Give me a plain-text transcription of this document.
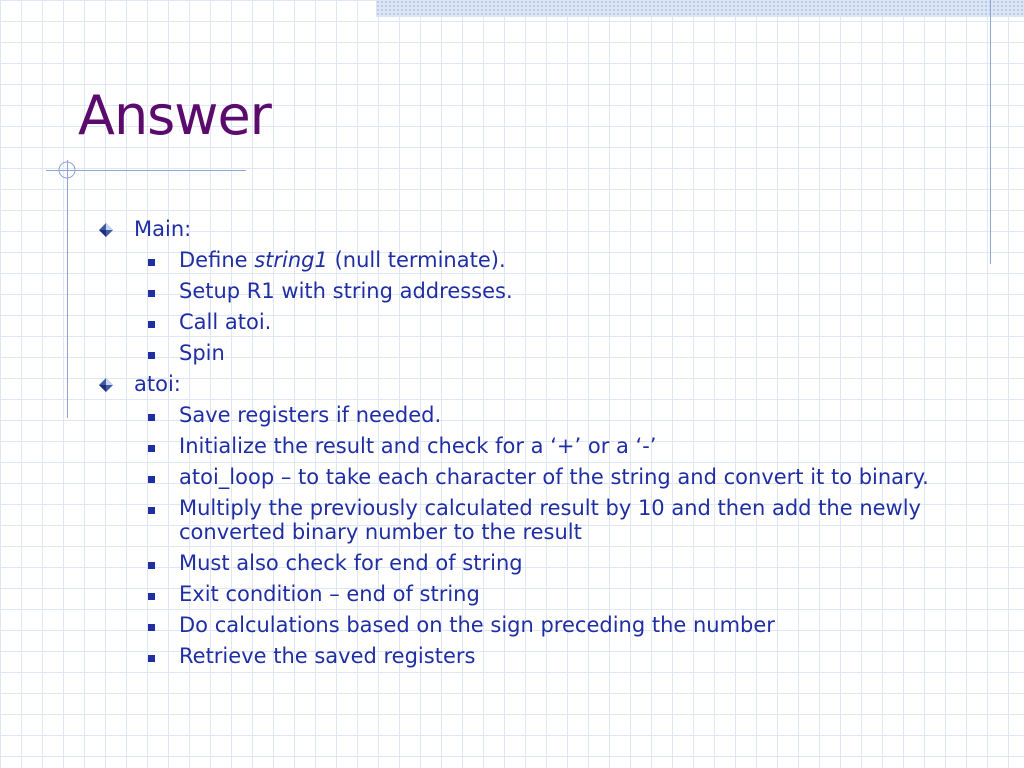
Answer
Main:
Define string1 (null terminate).
Setup R1 with string addresses.
Call atoi.
Spin
atoi:
Save registers if needed.
Initialize the result and check for a ‘+’ or a ‘-’
atoi_loop – to take each character of the string and convert it to binary.
Multiply the previously calculated result by 10 and then add the newly converted binary number to the result
Must also check for end of string
Exit condition – end of string
Do calculations based on the sign preceding the number
Retrieve the saved registers
